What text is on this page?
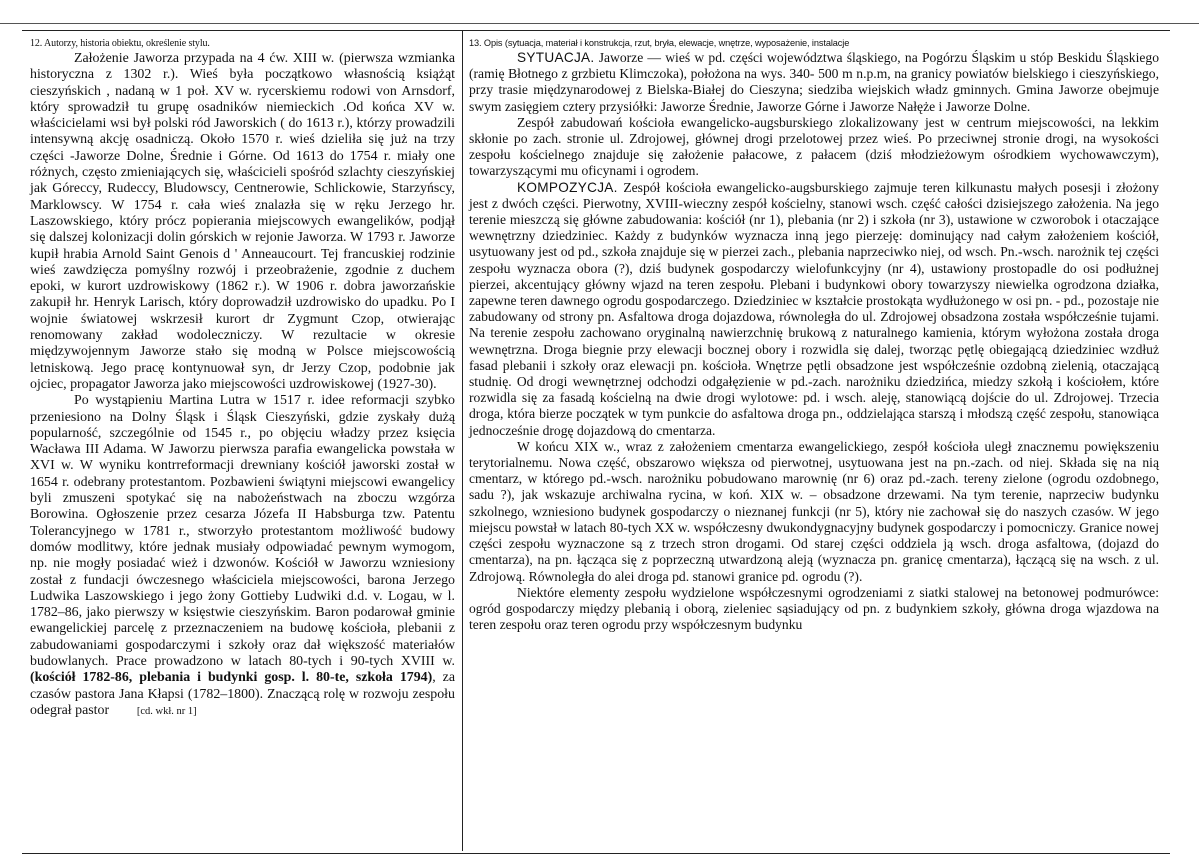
12. Autorzy, historia obiektu, określenie stylu.

Założenie Jaworza przypada na 4 ćw. XIII w. (pierwsza wzmianka historyczna z 1302 r.). Wieś była początkowo własnością książąt cieszyńskich , nadaną w 1 poł. XV w. rycerskiemu rodowi von Arnsdorf, który sprowadził tu grupę osadników niemieckich .Od końca XV w. właścicielami wsi był polski ród Jaworskich ( do 1613 r.), którzy prowadzili intensywną akcję osadniczą. Około 1570 r. wieś dzieliła się już na trzy części -Jaworze Dolne, Średnie i Górne. Od 1613 do 1754 r. miały one różnych, często zmieniających się, właścicieli spośród szlachty cieszyńskiej jak Góreccy, Rudeccy, Bludowscy, Centnerowie, Schlickowie, Starzyńscy, Marklowscy. W 1754 r. cała wieś znalazła się w ręku Jerzego hr. Laszowskiego, który prócz popierania miejscowych ewangelików, podjął się dalszej kolonizacji dolin górskich w rejonie Jaworza. W 1793 r. Jaworze kupił hrabia Arnold Saint Genois d ' Anneaucourt. Tej francuskiej rodzinie wieś zawdzięcza pomyślny rozwój i przeobrażenie, zgodnie z duchem epoki, w kurort uzdrowiskowy (1862 r.). W 1906 r. dobra jaworzańskie zakupił hr. Henryk Larisch, który doprowadził uzdrowisko do upadku. Po I wojnie światowej wskrzesił kurort dr Zygmunt Czop, otwierając renomowany zakład wodoleczniczy. W rezultacie w okresie międzywojennym Jaworze stało się modną w Polsce miejscowością letniskową. Jego pracę kontynuował syn, dr Jerzy Czop, podobnie jak ojciec, propagator Jaworza jako miejscowości uzdrowiskowej (1927-30).

Po wystąpieniu Martina Lutra w 1517 r. idee reformacji szybko przeniesiono na Dolny Śląsk i Śląsk Cieszyński, gdzie zyskały dużą popularność, szczególnie od 1545 r., po objęciu władzy przez księcia Wacława III Adama. W Jaworzu pierwsza parafia ewangelicka powstała w XVI w. W wyniku kontrreformacji drewniany kościół jaworski został w 1654 r. odebrany protestantom. Pozbawieni świątyni miejscowi ewangelicy byli zmuszeni spotykać się na nabożeństwach na zboczu wzgórza Borowina. Ogłoszenie przez cesarza Józefa II Habsburga tzw. Patentu Tolerancyjnego w 1781 r., stworzyło protestantom możliwość budowy domów modlitwy, które jednak musiały odpowiadać pewnym wymogom, np. nie mogły posiadać wież i dzwonów. Kościół w Jaworzu wzniesiony został z fundacji ówczesnego właściciela miejscowości, barona Jerzego Ludwika Laszowskiego i jego żony Gottieby Ludwiki d.d. v. Logau, w l. 1782–86, jako pierwszy w księstwie cieszyńskim. Baron podarował gminie ewangelickiej parcelę z przeznaczeniem na budowę kościoła, plebanii z zabudowaniami gospodarczymi i szkoły oraz dał większość materiałów budowlanych. Prace prowadzono w latach 80-tych i 90-tych XVIII w. (kościół 1782-86, plebania i budynki gosp. l. 80-te, szkoła 1794), za czasów pastora Jana Kłapsi (1782–1800). Znaczącą rolę w rozwoju zespołu odegrał pastor	[cd. wkł. nr 1]

13. Opis (sytuacja, materiał i konstrukcja, rzut, bryła, elewacje, wnętrze, wyposażenie, instalacje

SYTUACJA. Jaworze — wieś w pd. części województwa śląskiego, na Pogórzu Śląskim u stóp Beskidu Śląskiego (ramię Błotnego z grzbietu Klimczoka), położona na wys. 340- 500 m n.p.m, na granicy powiatów bielskiego i cieszyńskiego, przy trasie międzynarodowej z Bielska-Białej do Cieszyna; siedziba wiejskich władz gminnych. Gmina Jaworze obejmuje swym zasięgiem cztery przysiółki: Jaworze Średnie, Jaworze Górne i Jaworze Nałęże i Jaworze Dolne.

Zespół zabudowań kościoła ewangelicko-augsburskiego zlokalizowany jest w centrum miejscowości, na lekkim skłonie po zach. stronie ul. Zdrojowej, głównej drogi przelotowej przez wieś. Po przeciwnej stronie drogi, na wysokości zespołu kościelnego znajduje się założenie pałacowe, z pałacem (dziś młodzieżowym ośrodkiem wychowawczym), towarzyszącymi mu oficynami i ogrodem.

KOMPOZYCJA. Zespół kościoła ewangelicko-augsburskiego zajmuje teren kilkunastu małych posesji i złożony jest z dwóch części. Pierwotny, XVIII-wieczny zespół kościelny, stanowi wsch. część całości dzisiejszego założenia. Na jego terenie mieszczą się główne zabudowania: kościół (nr 1), plebania (nr 2) i szkoła (nr 3), ustawione w czworobok i otaczające wewnętrzny dziedziniec. Każdy z budynków wyznacza inną jego pierzeję: dominujący nad całym założeniem kościół, usytuowany jest od pd., szkoła znajduje się w pierzei zach., plebania naprzeciwko niej, od wsch. Pn.-wsch. narożnik tej części zespołu wyznacza obora (?), dziś budynek gospodarczy wielofunkcyjny (nr 4), ustawiony prostopadle do osi podłużnej pierzei, akcentujący główny wjazd na teren zespołu. Plebani i budynkowi obory towarzyszy niewielka ogrodzona działka, zapewne teren dawnego ogrodu gospodarczego. Dziedziniec w kształcie prostokąta wydłużonego w osi pn. - pd., pozostaje nie zabudowany od strony pn. Asfaltowa droga dojazdowa, równoległa do ul. Zdrojowej obsadzona została współcześnie tujami. Na terenie zespołu zachowano oryginalną nawierzchnię brukową z naturalnego kamienia, którym wyłożona została droga wewnętrzna. Droga biegnie przy elewacji bocznej obory i rozwidla się dalej, tworząc pętlę obiegającą dziedziniec wzdłuż fasad plebanii i szkoły oraz elewacji pn. kościoła. Wnętrze pętli obsadzone jest współcześnie ozdobną zielenią, otaczającą studnię. Od drogi wewnętrznej odchodzi odgałęzienie w pd.-zach. narożniku dziedzińca, miedzy szkołą i kościołem, które rozwidla się za fasadą kościelną na dwie drogi wylotowe: pd. i wsch. aleję, stanowiącą dojście do ul. Zdrojowej. Trzecia droga, która bierze początek w tym punkcie do asfaltowa droga pn., oddzielająca starszą i młodszą część zespołu, stanowiąca jednocześnie drogę dojazdową do cmentarza.

W końcu XIX w., wraz z założeniem cmentarza ewangelickiego, zespół kościoła uległ znacznemu powiększeniu terytorialnemu. Nowa część, obszarowo większa od pierwotnej, usytuowana jest na pn.-zach. od niej. Składa się na nią cmentarz, w którego pd.-wsch. narożniku pobudowano marownię (nr 6) oraz pd.-zach. tereny zielone (ogrodu ozdobnego, sadu ?), jak wskazuje archiwalna rycina, w koń. XIX w. – obsadzone drzewami. Na tym terenie, naprzeciw budynku szkolnego, wzniesiono budynek gospodarczy o nieznanej funkcji (nr 5), który nie zachował się do naszych czasów. W jego miejscu powstał w latach 80-tych XX w. współczesny dwukondygnacyjny budynek gospodarczy i pomocniczy. Granice nowej części zespołu wyznaczone są z trzech stron drogami. Od starej części oddziela ją wsch. droga asfaltowa, (dojazd do cmentarza), na pn. łącząca się z poprzeczną utwardzoną aleją (wyznacza pn. granicę cmentarza), łączącą się na wsch. z ul. Zdrojową. Równoległa do alei droga pd. stanowi granice pd. ogrodu (?).

Niektóre elementy zespołu wydzielone współczesnymi ogrodzeniami z siatki stalowej na betonowej podmurówce: ogród gospodarczy między plebanią i oborą, zieleniec sąsiadujący od pn. z budynkiem szkoły, główna droga wjazdowa na teren zespołu oraz teren ogrodu przy współczesnym budynku
